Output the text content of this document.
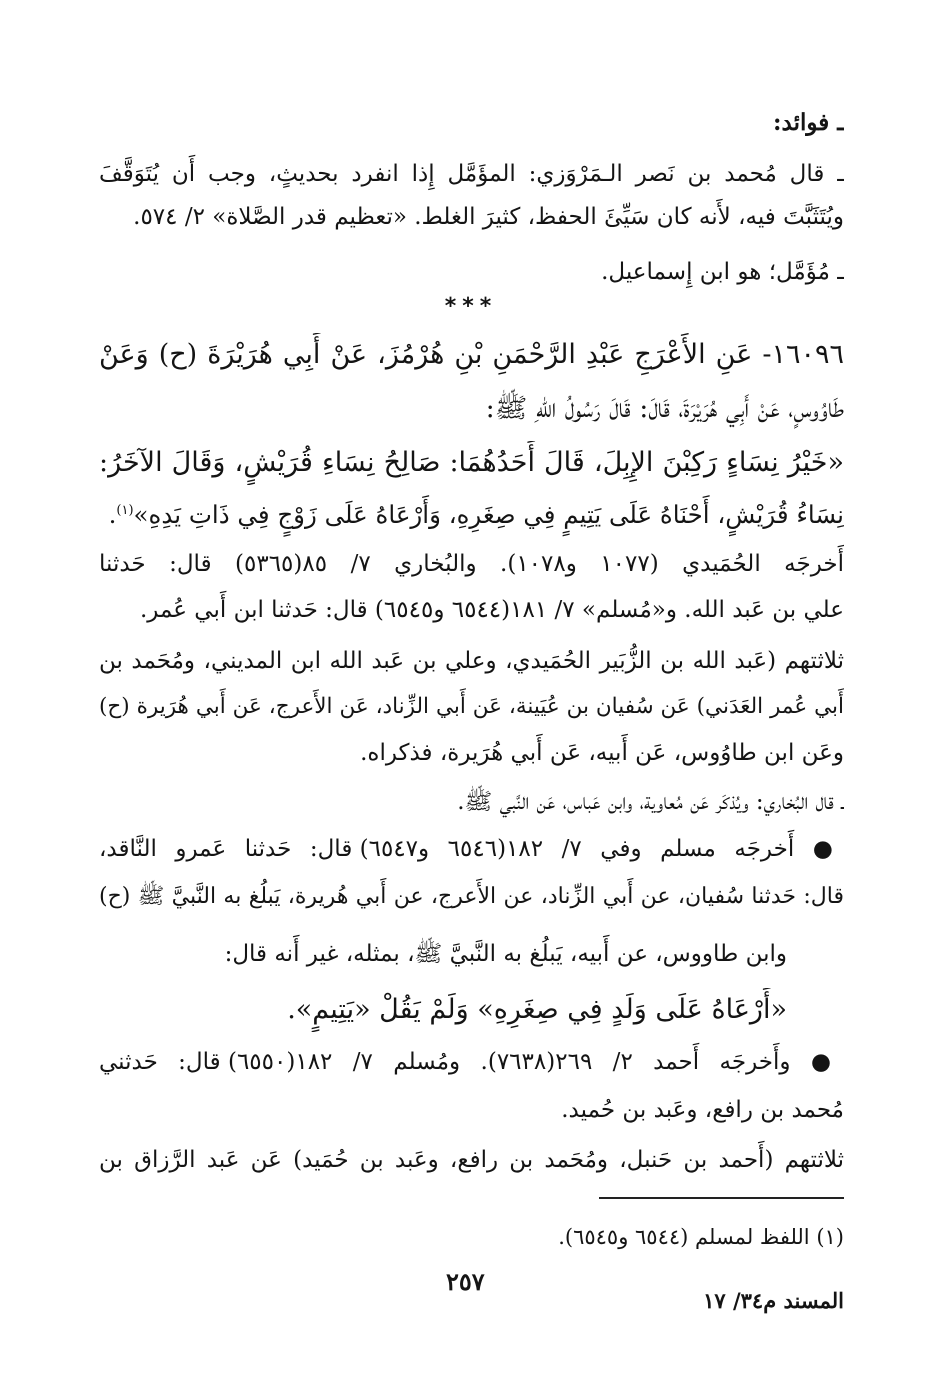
ـ فوائد:
ـ قال مُحمد بن نَصر الـمَرْوَزي: المؤَمَّل إِذا انفرد بحديثٍ، وجب أَن يُتَوَقَّفَ
ويُتَثَبَّتَ فيه، لأَنه كان سَيِّئَ الحفظ، كثيرَ الغلط. «تعظيم قدر الصَّلاة» ٢/ ٥٧٤.
ـ مُؤَمَّل؛ هو ابن إِسماعيل.
***
١٦٠٩٦- عَنِ الأَعْرَجِ عَبْدِ الرَّحْمَنِ بْنِ هُرْمُزَ، عَنْ أَبِي هُرَيْرَةَ (ح) وَعَنْ
طَاوُوسٍ، عَنْ أَبِي هُرَيْرَةَ، قَالَ: قَالَ رَسُولُ اللهِ ﷺ:
«خَيْرُ نِسَاءٍ رَكِبْنَ الإِبِلَ، قَالَ أَحَدُهُمَا: صَالِحُ نِسَاءِ قُرَيْشٍ، وَقَالَ الآخَرُ:
نِسَاءُ قُرَيْشٍ، أَحْنَاهُ عَلَى يَتِيمٍ فِي صِغَرِهِ، وَأَرْعَاهُ عَلَى زَوْجٍ فِي ذَاتِ يَدِهِ»$^{(١)}$.
أَخرجَه الحُمَيدي (١٠٧٧ و١٠٧٨). والبُخاري ٧/ ٨٥(٥٣٦٥) قال: حَدثنا
علي بن عَبد الله. و«مُسلم» ٧/ ١٨١(٦٥٤٤ و٦٥٤٥) قال: حَدثنا ابن أَبي عُمر.
ثلاثتهم (عَبد الله بن الزُّبَير الحُمَيدي، وعلي بن عَبد الله ابن المديني، ومُحَمد بن
أَبي عُمر العَدَني) عَن سُفيان بن عُيَينة، عَن أَبي الزِّناد، عَن الأَعرج، عَن أَبي هُرَيرة (ح)
وعَن ابن طاوُوس، عَن أَبيه، عَن أَبي هُرَيرة، فذكراه.
ـ قال البُخاري: ويُذكَر عَن مُعاوية، وابن عَباس، عَن النَّبي ﷺ.
● أَخرجَه مسلم وفي ٧/ ١٨٢(٦٥٤٦ و٦٥٤٧) قال: حَدثنا عَمرو النَّاقد،
قال: حَدثنا سُفيان، عن أَبي الزِّناد، عن الأَعرج، عن أَبي هُريرة، يَبلُغ به النَّبيَّ ﷺ (ح)
وابن طاووس، عن أَبيه، يَبلُغ به النَّبيَّ ﷺ، بمثله، غير أَنه قال:
«أَرْعَاهُ عَلَى وَلَدٍ فِي صِغَرِهِ» وَلَمْ يَقُلْ «يَتِيمٍ».
● وأَخرجَه أَحمد ٢/ ٢٦٩(٧٦٣٨). ومُسلم ٧/ ١٨٢(٦٥٥٠) قال: حَدثني
مُحمد بن رافع، وعَبد بن حُميد.
ثلاثتهم (أَحمد بن حَنبل، ومُحَمد بن رافع، وعَبد بن حُمَيد) عَن عَبد الرَّزاق بن
(١) اللفظ لمسلم (٦٥٤٤ و٦٥٤٥).
٢٥٧
المسند م٣٤/ ١٧
